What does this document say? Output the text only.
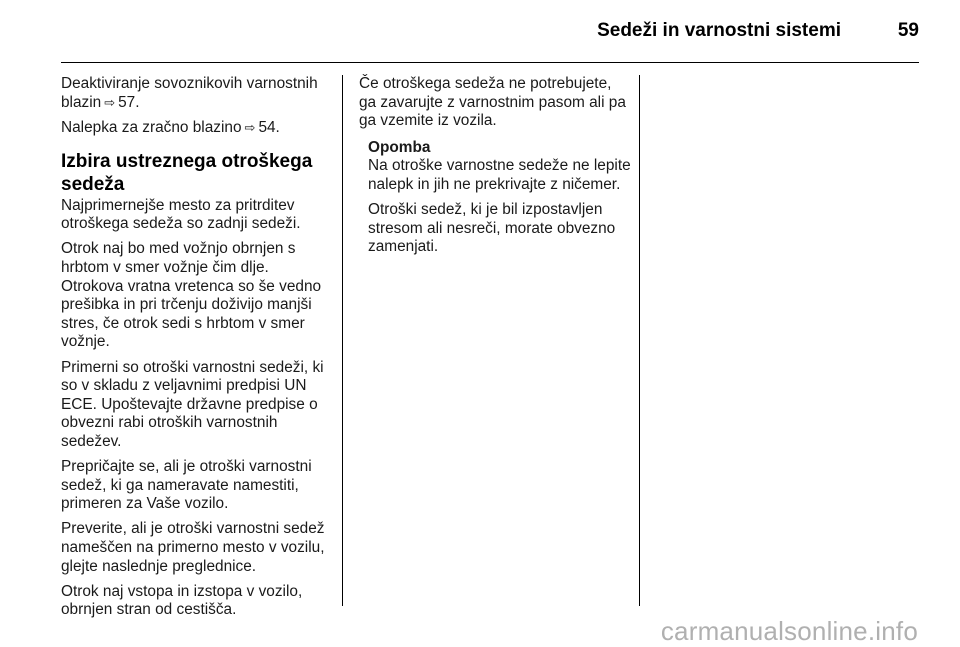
Sedeži in varnostni sistemi	59

Deaktiviranje sovoznikovih varnostnih blazin ⇨ 57.

Nalepka za zračno blazino ⇨ 54.

Izbira ustreznega otroškega sedeža

Najprimernejše mesto za pritrditev otroškega sedeža so zadnji sedeži.

Otrok naj bo med vožnjo obrnjen s hrbtom v smer vožnje čim dlje. Otrokova vratna vretenca so še vedno prešibka in pri trčenju doživijo manjši stres, če otrok sedi s hrbtom v smer vožnje.

Primerni so otroški varnostni sedeži, ki so v skladu z veljavnimi predpisi UN ECE. Upoštevajte državne predpise o obvezni rabi otroških varnostnih sedežev.

Prepričajte se, ali je otroški varnostni sedež, ki ga nameravate namestiti, primeren za Vaše vozilo.

Preverite, ali je otroški varnostni sedež nameščen na primerno mesto v vozilu, glejte naslednje preglednice.

Otrok naj vstopa in izstopa v vozilo, obrnjen stran od cestišča.

Če otroškega sedeža ne potrebujete, ga zavarujte z varnostnim pasom ali pa ga vzemite iz vozila.

Opomba

Na otroške varnostne sedeže ne lepite nalepk in jih ne prekrivajte z ničemer.

Otroški sedež, ki je bil izpostavljen stresom ali nesreči, morate obvezno zamenjati.

carmanualsonline.info
